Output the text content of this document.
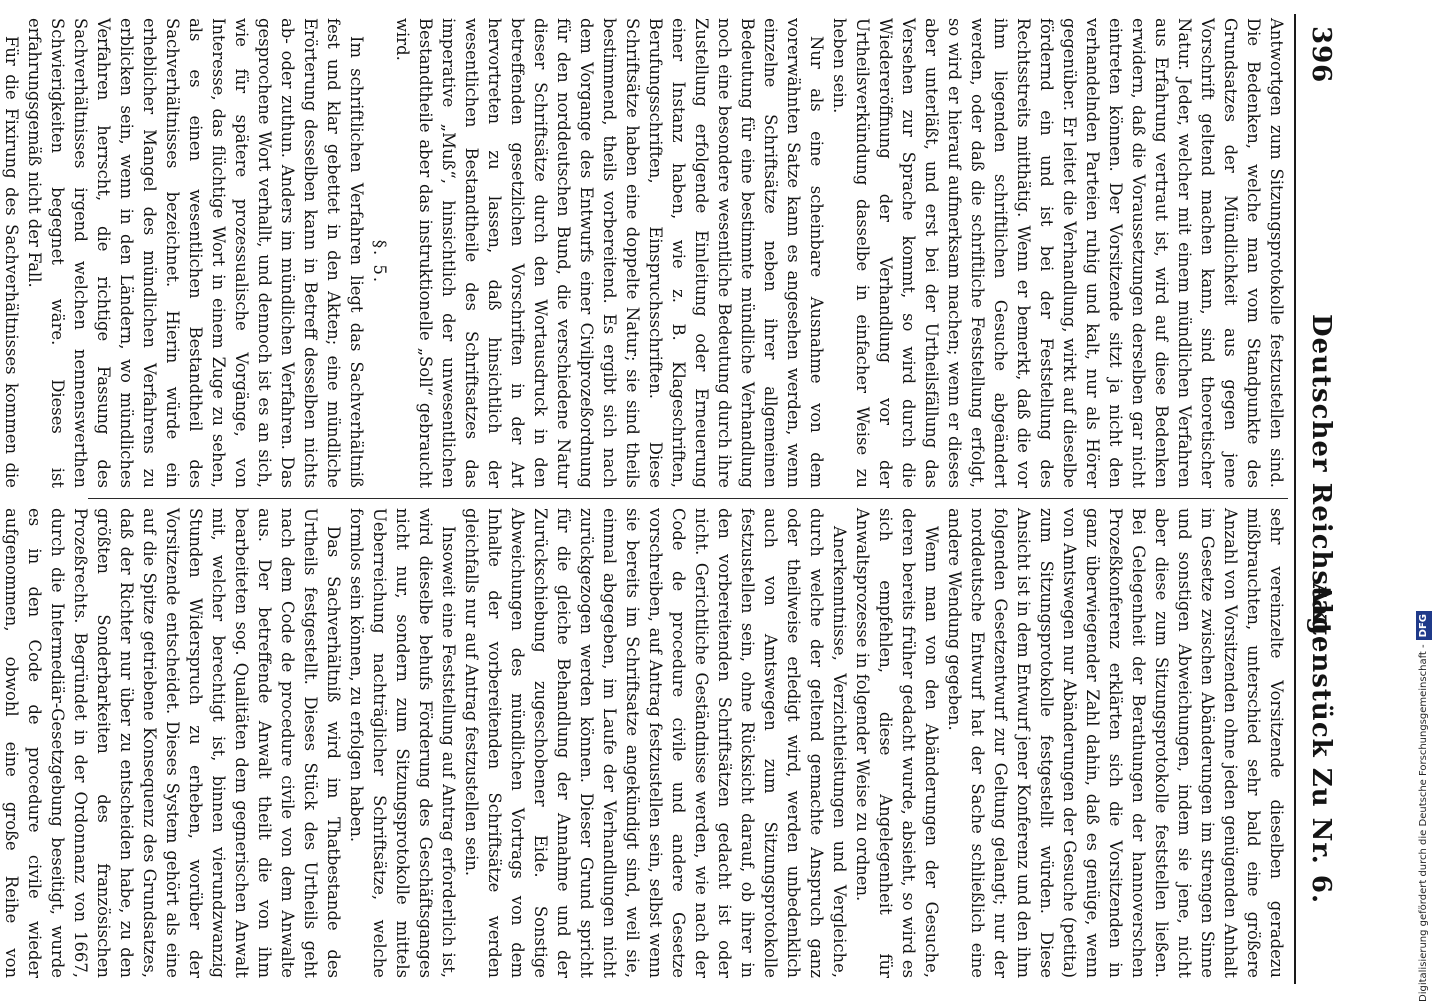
396
Deutscher Reichstag.
Aktenstück Zu Nr. 6.

Antwortgen zum Sitzungsprotokolle festzustellen sind. Die Bedenken, welche man vom Standpunkte des Grundsatzes der Mündlichkeit aus gegen jene Vorschrift geltend machen kann, sind theoretischer Natur. Jeder, welcher mit einem mündlichen Verfahren aus Erfahrung vertraut ist, wird auf diese Bedenken erwidern, daß die Voraussetzungen derselben gar nicht eintreten können. Der Vorsitzende sitzt ja nicht den verhandelnden Parteien ruhig und kalt, nur als Hörer gegenüber. Er leitet die Verhandlung, wirkt auf dieselbe fördernd ein und ist bei der Feststellung des Rechtsstreits mitthätig. Wenn er bemerkt, daß die vor ihm liegenden schriftlichen Gesuche abgeändert werden, oder daß die schriftliche Feststellung erfolgt, so wird er hierauf aufmerksam machen; wenn er dieses aber unterläßt, und erst bei der Urtheilsfällung das Versehen zur Sprache kommt, so wird durch die Wiedereröffnung der Verhandlung vor der Urtheilsverkündung dasselbe in einfacher Weise zu heben sein.

Nur als eine scheinbare Ausnahme von dem vorerwähnten Satze kann es angesehen werden, wenn einzelne Schriftsätze neben ihrer allgemeinen Bedeutung für eine bestimmte mündliche Verhandlung noch eine besondere wesentliche Bedeutung durch ihre Zustellung erfolgende Einleitung oder Erneuerung einer Instanz haben, wie z. B. Klageschriften, Berufungsschriften, Einspruchsschriften. Diese Schriftsätze haben eine doppelte Natur; sie sind theils bestimmend, theils vorbereitend. Es ergibt sich nach dem Vorgange des Entwurfs einer Civilprozeßordnung für den norddeutschen Bund, die verschiedene Natur dieser Schriftsätze durch den Wortausdruck in den betreffenden gesetzlichen Vorschriften in der Art hervortreten zu lassen, daß hinsichtlich der wesentlichen Bestandtheile des Schriftsatzes das imperative „Muß“, hinsichtlich der unwesentlichen Bestandtheile aber das instruktionelle „Soll“ gebraucht wird.

§. 5.

Im schriftlichen Verfahren liegt das Sachverhältniß fest und klar gebettet in den Akten; eine mündliche Erörterung desselben kann in Betreff desselben nichts ab- oder zuthun. Anders im mündlichen Verfahren. Das gesprochene Wort verhallt, und dennoch ist es an sich, wie für spätere prozessualische Vorgänge, von Interesse, das flüchtige Wort in einem Zuge zu sehen, als es einen wesentlichen Bestandtheil des Sachverhältnisses bezeichnet. Hierin würde ein erheblicher Mangel des mündlichen Verfahrens zu erblicken sein, wenn in den Ländern, wo mündliches Verfahren herrscht, die richtige Fassung des Sachverhältnisses irgend welchen nennenswerthen Schwierigkeiten begegnet wäre. Dieses ist erfahrungsgemäß nicht der Fall.

Für die Fixirung des Sachverhältnisses kommen die

sehr vereinzelte Vorsitzende dieselben geradezu mißbrauchten, unterschied sehr bald eine größere Anzahl von Vorsitzenden ohne jeden genügenden Anhalt im Gesetze zwischen Abänderungen im strengen Sinne und sonstigen Abweichungen, indem sie jene, nicht aber diese zum Sitzungsprotokolle feststellen ließen. Bei Gelegenheit der Berathungen der hannoverschen Prozeßkonferenz erklärten sich die Vorsitzenden in ganz überwiegender Zahl dahin, daß es genüge, wenn von Amtswegen nur Abänderungen der Gesuche (petita) zum Sitzungsprotokolle festgestellt würden. Diese Ansicht ist in dem Entwurf jener Konferenz und den ihm folgenden Gesetzentwurf zur Geltung gelangt; nur der norddeutsche Entwurf hat der Sache schließlich eine andere Wendung gegeben.

Wenn man von den Abänderungen der Gesuche, deren bereits früher gedacht wurde, absieht, so wird es sich empfehlen, diese Angelegenheit für Anwaltsprozesse in folgender Weise zu ordnen.

Anerkenntnisse, Verzichtleistungen und Vergleiche, durch welche der geltend gemachte Anspruch ganz oder theilweise erledigt wird, werden unbedenklich auch von Amtswegen zum Sitzungsprotokolle festzustellen sein, ohne Rücksicht darauf, ob ihrer in den vorbereitenden Schriftsätzen gedacht ist oder nicht. Gerichtliche Geständnisse werden, wie nach der Code de procedure civile und andere Gesetze vorschreiben, auf Antrag festzustellen sein, selbst wenn sie bereits im Schriftsatze angekündigt sind, weil sie, einmal abgegeben, im Laufe der Verhandlungen nicht zurückgezogen werden können. Dieser Grund spricht für die gleiche Behandlung der Annahme und der Zurückschiebung zugeschobener Eide. Sonstige Abweichungen des mündlichen Vortrags von dem Inhalte der vorbereitenden Schriftsätze werden gleichfalls nur auf Antrag festzustellen sein.

Insoweit eine Feststellung auf Antrag erforderlich ist, wird dieselbe behufs Förderung des Geschäftsganges nicht nur, sondern zum Sitzungsprotokolle mittels Ueberreichung nachträglicher Schriftsätze, welche formlos sein können, zu erfolgen haben.

Das Sachverhältniß wird im Thatbestande des Urtheils festgestellt. Dieses Stück des Urtheils geht nach dem Code de procedure civile von dem Anwalte aus. Der betreffende Anwalt theilt die von ihm bearbeiteten sog. Qualitäten dem gegnerischen Anwalt mit, welcher berechtigt ist, binnen vierundzwanzig Stunden Widerspruch zu erheben, worüber der Vorsitzende entscheidet. Dieses System gehört als eine auf die Spitze getriebene Konsequenz des Grundsatzes, daß der Richter nur über zu entscheiden habe, zu den größten Sonderbarkeiten des französischen Prozeßrechts. Begründet in der Ordonnanz von 1667, durch die Intermediär-Gesetzgebung beseitigt, wurde es in den Code de procedure civile wieder aufgenommen, obwohl eine große Reihe von	Digitalisierung gefördert durch die Deutsche Forschungsgemeinschaft -DFG
